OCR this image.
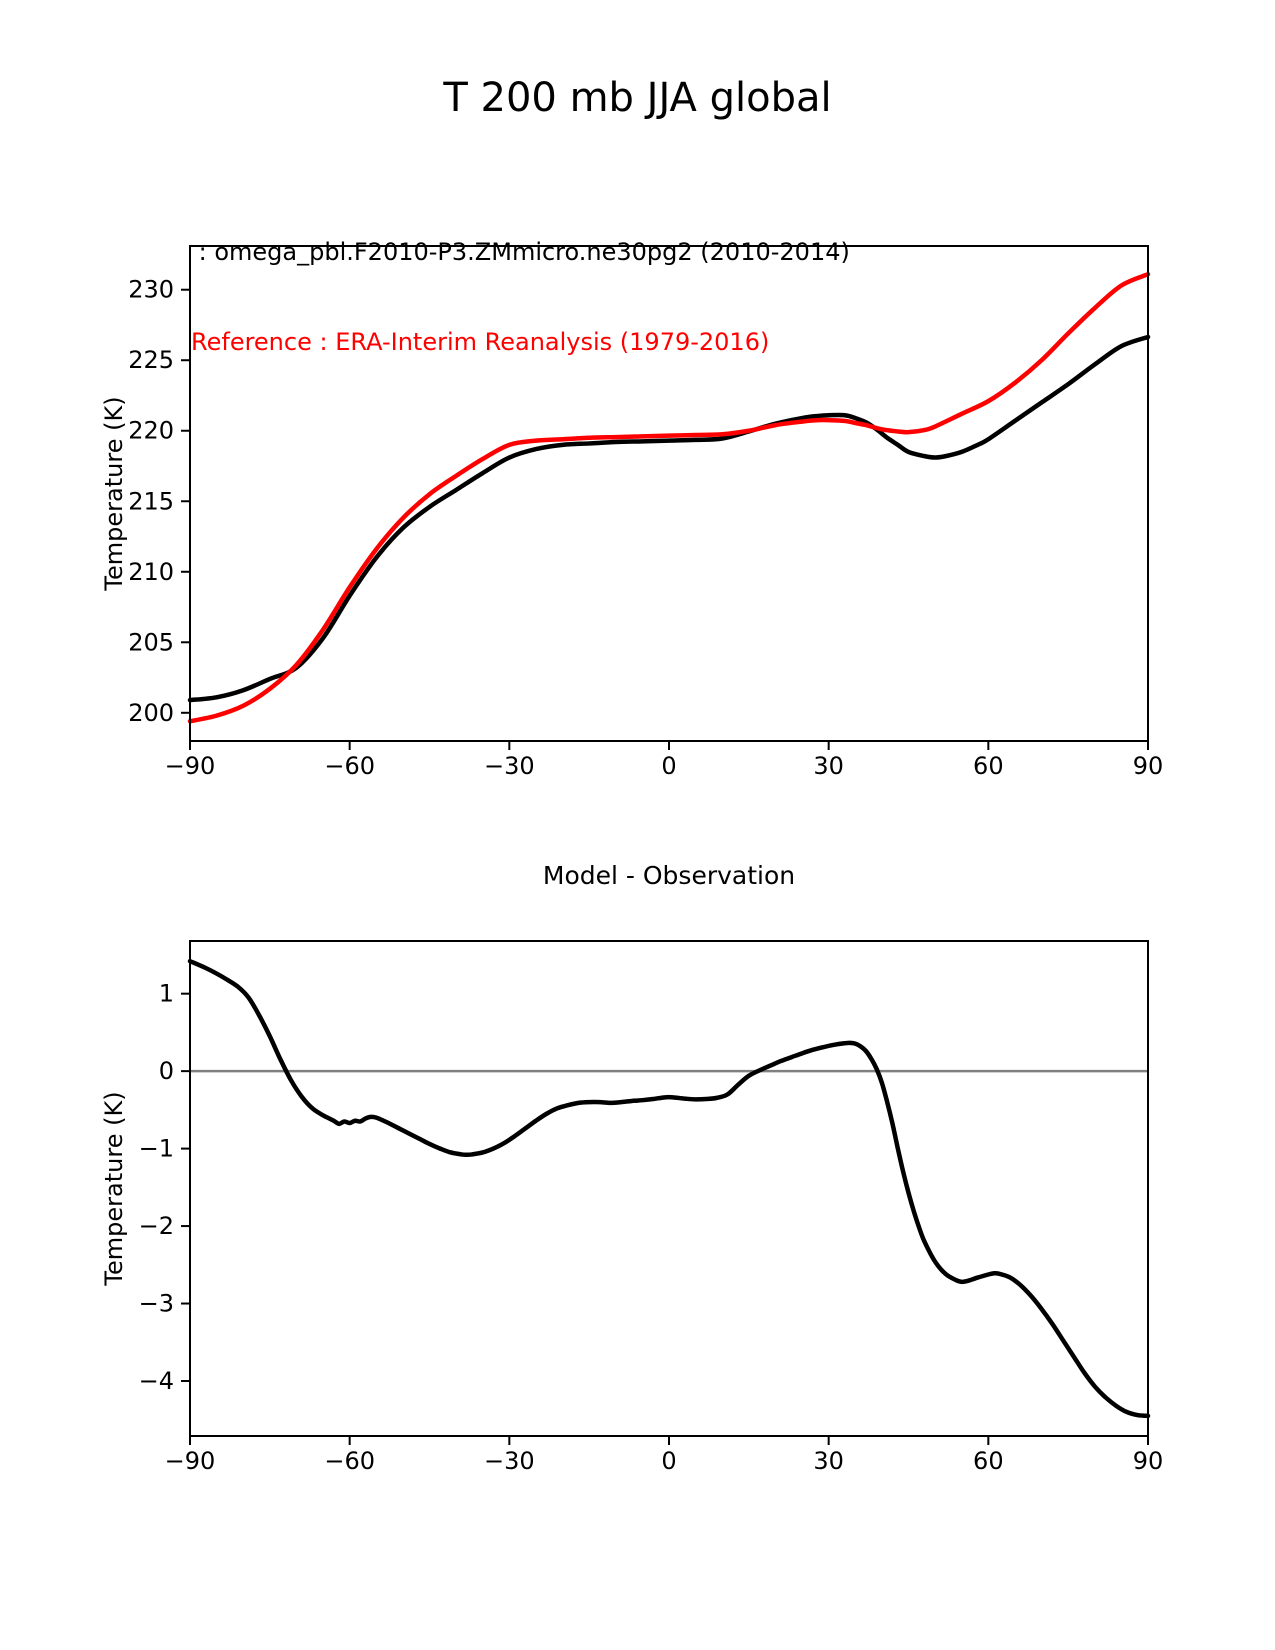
T 200 mb JJA global

: omega_pbl.F2010-P3.ZMmicro.ne30pg2 (2010-2014)

Reference : ERA-Interim Reanalysis (1979-2016)

−90	−60	−30	0	30	60	90
200
205
210
215
220
225
230
Temperature (K)
Model - Observation
−90	−60	−30	0	30	60	90
−4
−3
−2
−1
0
1
Temperature (K)
